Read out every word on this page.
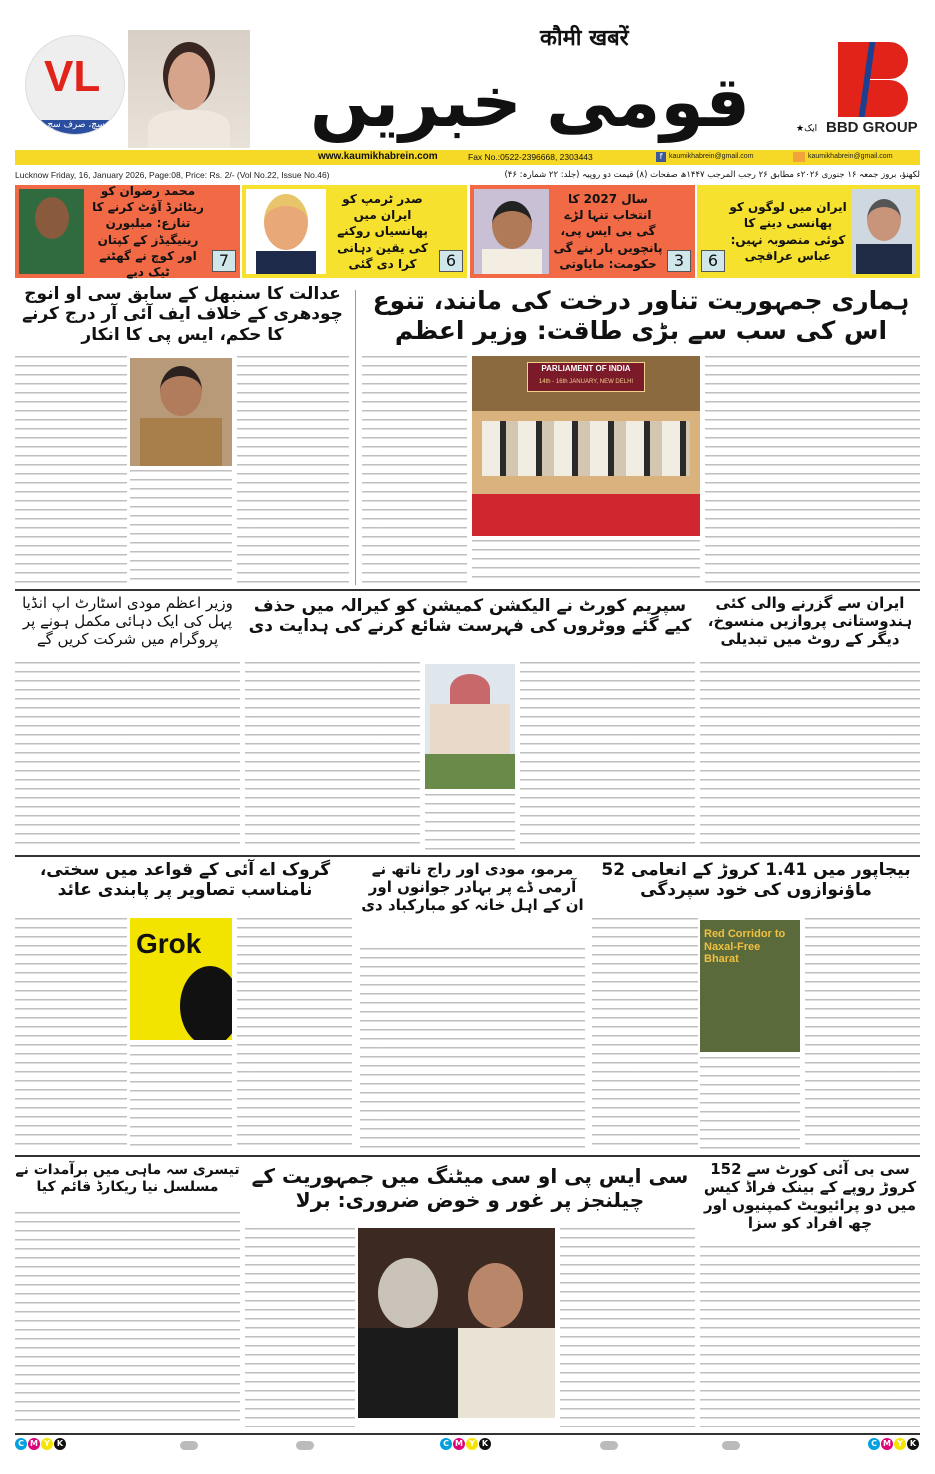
VL
سچ، صرف سچ
कौमी खबरें
قومی خبریں	★ایک BBD GROUP
www.kaumikhabrein.com	Fax No.:0522-2396668, 2303443	f kaumikhabrein@gmail.com	kaumikhabrein@gmail.com
Lucknow Friday, 16, January 2026, Page:08, Price: Rs. 2/- (Vol No.22, Issue No.46)	لکھنؤ، بروز جمعہ ۱۶ جنوری ۲۰۲۶ء مطابق ۲۶ رجب المرجب ۱۴۴۷ھ صفحات (۸) قیمت دو روپیہ (جلد: ۲۲ شمارہ: ۴۶)
محمد رضوان کو ریٹائرڈ آؤٹ کرنے کا تنازع: میلبورن رینیگیڈز کے کپتان اور کوچ نے گھٹنے ٹیک دیے
7
صدر ٹرمپ کو ایران میں پھانسیاں روکنے کی یقین دہانی کرا دی گئی	6
سال 2027 کا انتخاب تنہا لڑے گی بی ایس پی، پانچویں بار بنے گی حکومت: مایاوتی	3
ایران میں لوگوں کو پھانسی دینے کا کوئی منصوبہ نہیں: عباس عراقچی
6
ہماری جمہوریت تناور درخت کی مانند، تنوع اس کی سب سے بڑی طاقت: وزیر اعظم
عدالت کا سنبھل کے سابق سی او انوج چودھری کے خلاف ایف آئی آر درج کرنے کا حکم، ایس پی کا انکار
PARLIAMENT OF INDIA
14th - 16th JANUARY, NEW DELHI
ایران سے گزرنے والی کئی ہندوستانی پروازیں منسوخ، دیگر کے روٹ میں تبدیلی
سپریم کورٹ نے الیکشن کمیشن کو کیرالہ میں حذف کیے گئے ووٹروں کی فہرست شائع کرنے کی ہدایت دی
وزیر اعظم مودی اسٹارٹ اپ انڈیا پہل کی ایک دہائی مکمل ہونے پر پروگرام میں شرکت کریں گے
بیجاپور میں 1.41 کروڑ کے انعامی 52 ماؤنوازوں کی خود سپردگی
مرمو، مودی اور راج ناتھ نے آرمی ڈے پر بہادر جوانوں اور ان کے اہل خانہ کو مبارکباد دی
گروک اے آئی کے قواعد میں سختی، نامناسب تصاویر پر پابندی عائد
Red Corridor to Naxal-Free Bharat
Grok
سی بی آئی کورٹ سے 152 کروڑ روپے کے بینک فراڈ کیس میں دو پرائیویٹ کمپنیوں اور چھ افراد کو سزا
سی ایس پی او سی میٹنگ میں جمہوریت کے چیلنجز پر غور و خوض ضروری: برلا
تیسری سہ ماہی میں برآمدات نے مسلسل نیا ریکارڈ قائم کیا
C M Y K	C M Y K	C M Y K
